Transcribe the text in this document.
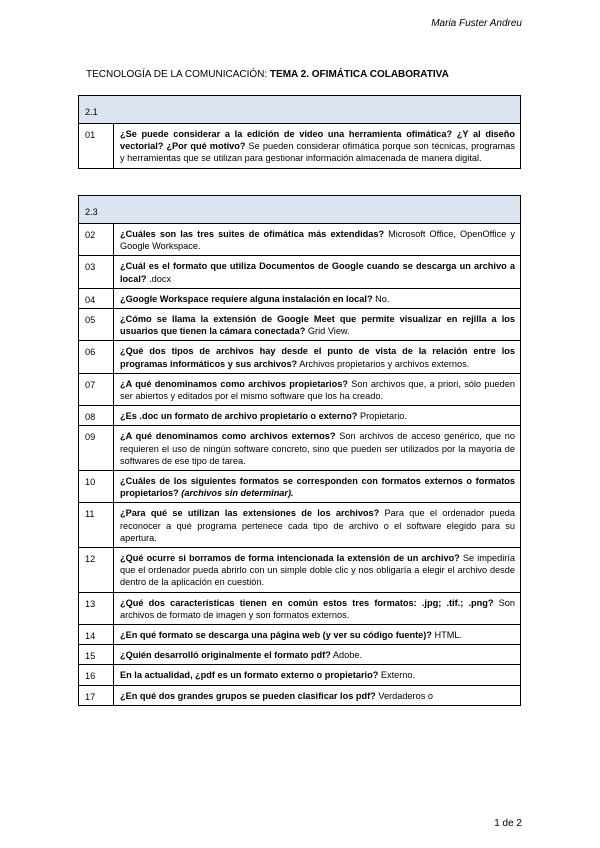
Maria Fuster Andreu
TECNOLOGÍA DE LA COMUNICACIÓN: TEMA 2. OFIMÁTICA COLABORATIVA
2.1
01	¿Se puede considerar a la edición de vídeo una herramienta ofimática? ¿Y al diseño vectorial? ¿Por qué motivo? Se pueden considerar ofimática porque son técnicas, programas y herramientas que se utilizan para gestionar información almacenada de manera digital.
2.3	
02	¿Cuáles son las tres suites de ofimática más extendidas? Microsoft Office, OpenOffice y Google Workspace.
03	¿Cuál es el formato que utiliza Documentos de Google cuando se descarga un archivo a local? .docx
04	¿Google Workspace requiere alguna instalación en local? No.
05	¿Cómo se llama la extensión de Google Meet que permite visualizar en rejilla a los usuarios que tienen la cámara conectada? Grid View.
06	¿Qué dos tipos de archivos hay desde el punto de vista de la relación entre los programas informáticos y sus archivos? Archivos propietarios y archivos externos.
07	¿A qué denominamos como archivos propietarios? Son archivos que, a priori, sólo pueden ser abiertos y editados por el mismo software que los ha creado.
08	¿Es .doc un formato de archivo propietario o externo? Propietario.
09	¿A qué denominamos como archivos externos? Son archivos de acceso genérico, que no requieren el uso de ningún software concreto, sino que pueden ser utilizados por la mayoría de softwares de ese tipo de tarea.
10	¿Cuáles de los siguientes formatos se corresponden con formatos externos o formatos propietarios? (archivos sin determinar).
11	¿Para qué se utilizan las extensiones de los archivos? Para que el ordenador pueda reconocer a qué programa pertenece cada tipo de archivo o el software elegido para su apertura.
12	¿Qué ocurre si borramos de forma intencionada la extensión de un archivo? Se impediría que el ordenador pueda abrirlo con un simple doble clic y nos obligaría a elegir el archivo desde dentro de la aplicación en cuestión.
13	¿Qué dos características tienen en común estos tres formatos: .jpg; .tif.; .png? Son archivos de formato de imagen y son formatos externos.
14	¿En qué formato se descarga una página web (y ver su código fuente)? HTML.
15	¿Quién desarrolló originalmente el formato pdf? Adobe.
16	En la actualidad, ¿pdf es un formato externo o propietario? Externo.
17	¿En qué dos grandes grupos se pueden clasificar los pdf? Verdaderos o
1 de 2
